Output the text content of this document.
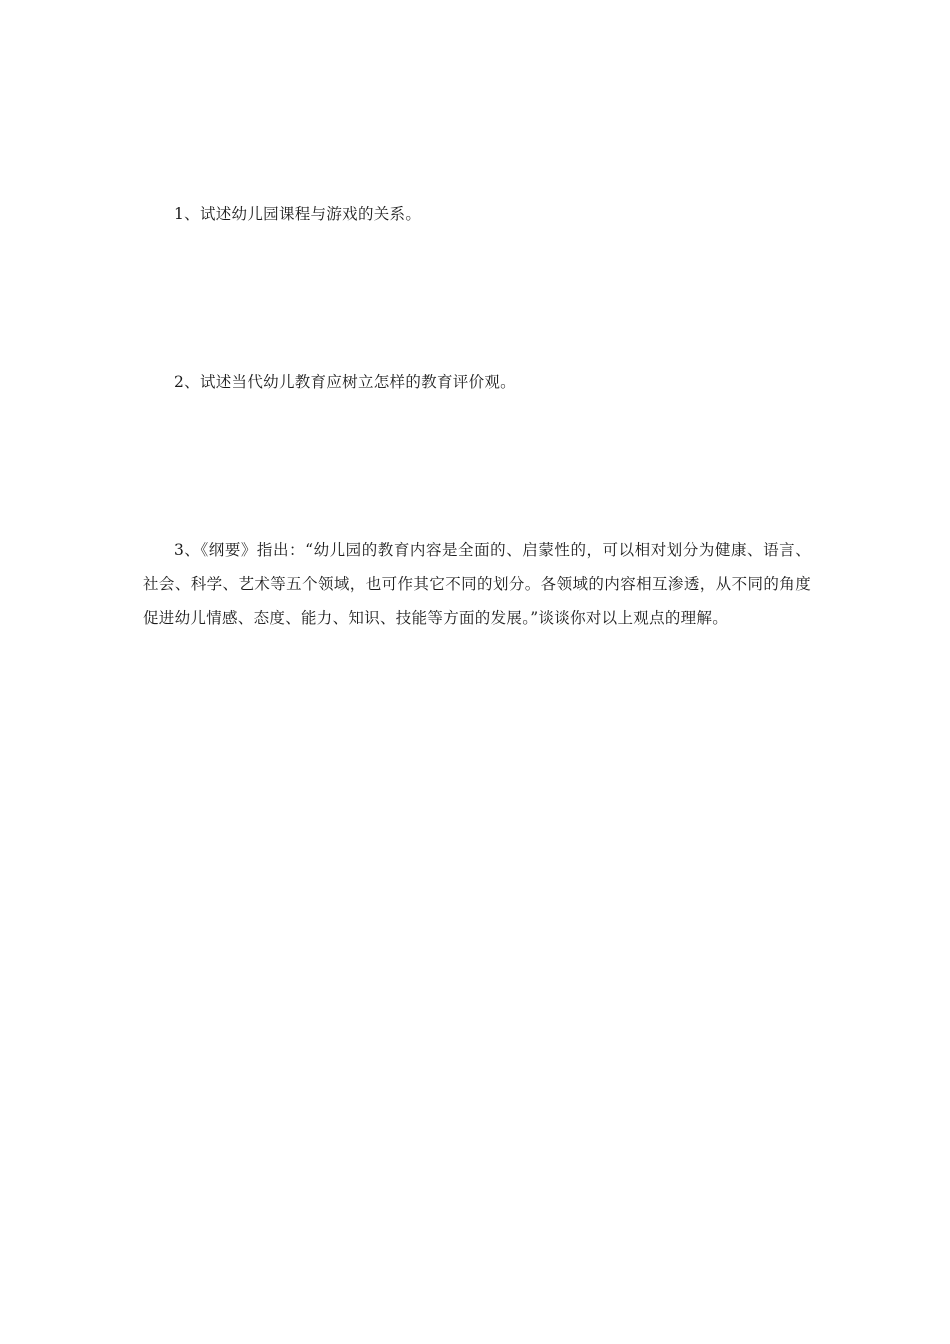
1、试述幼儿园课程与游戏的关系。

2、试述当代幼儿教育应树立怎样的教育评价观。

3、《纲要》指出：“幼儿园的教育内容是全面的、启蒙性的，可以相对划分为健康、语言、社会、科学、艺术等五个领域，也可作其它不同的划分。各领域的内容相互渗透，从不同的角度促进幼儿情感、态度、能力、知识、技能等方面的发展。”谈谈你对以上观点的理解。
